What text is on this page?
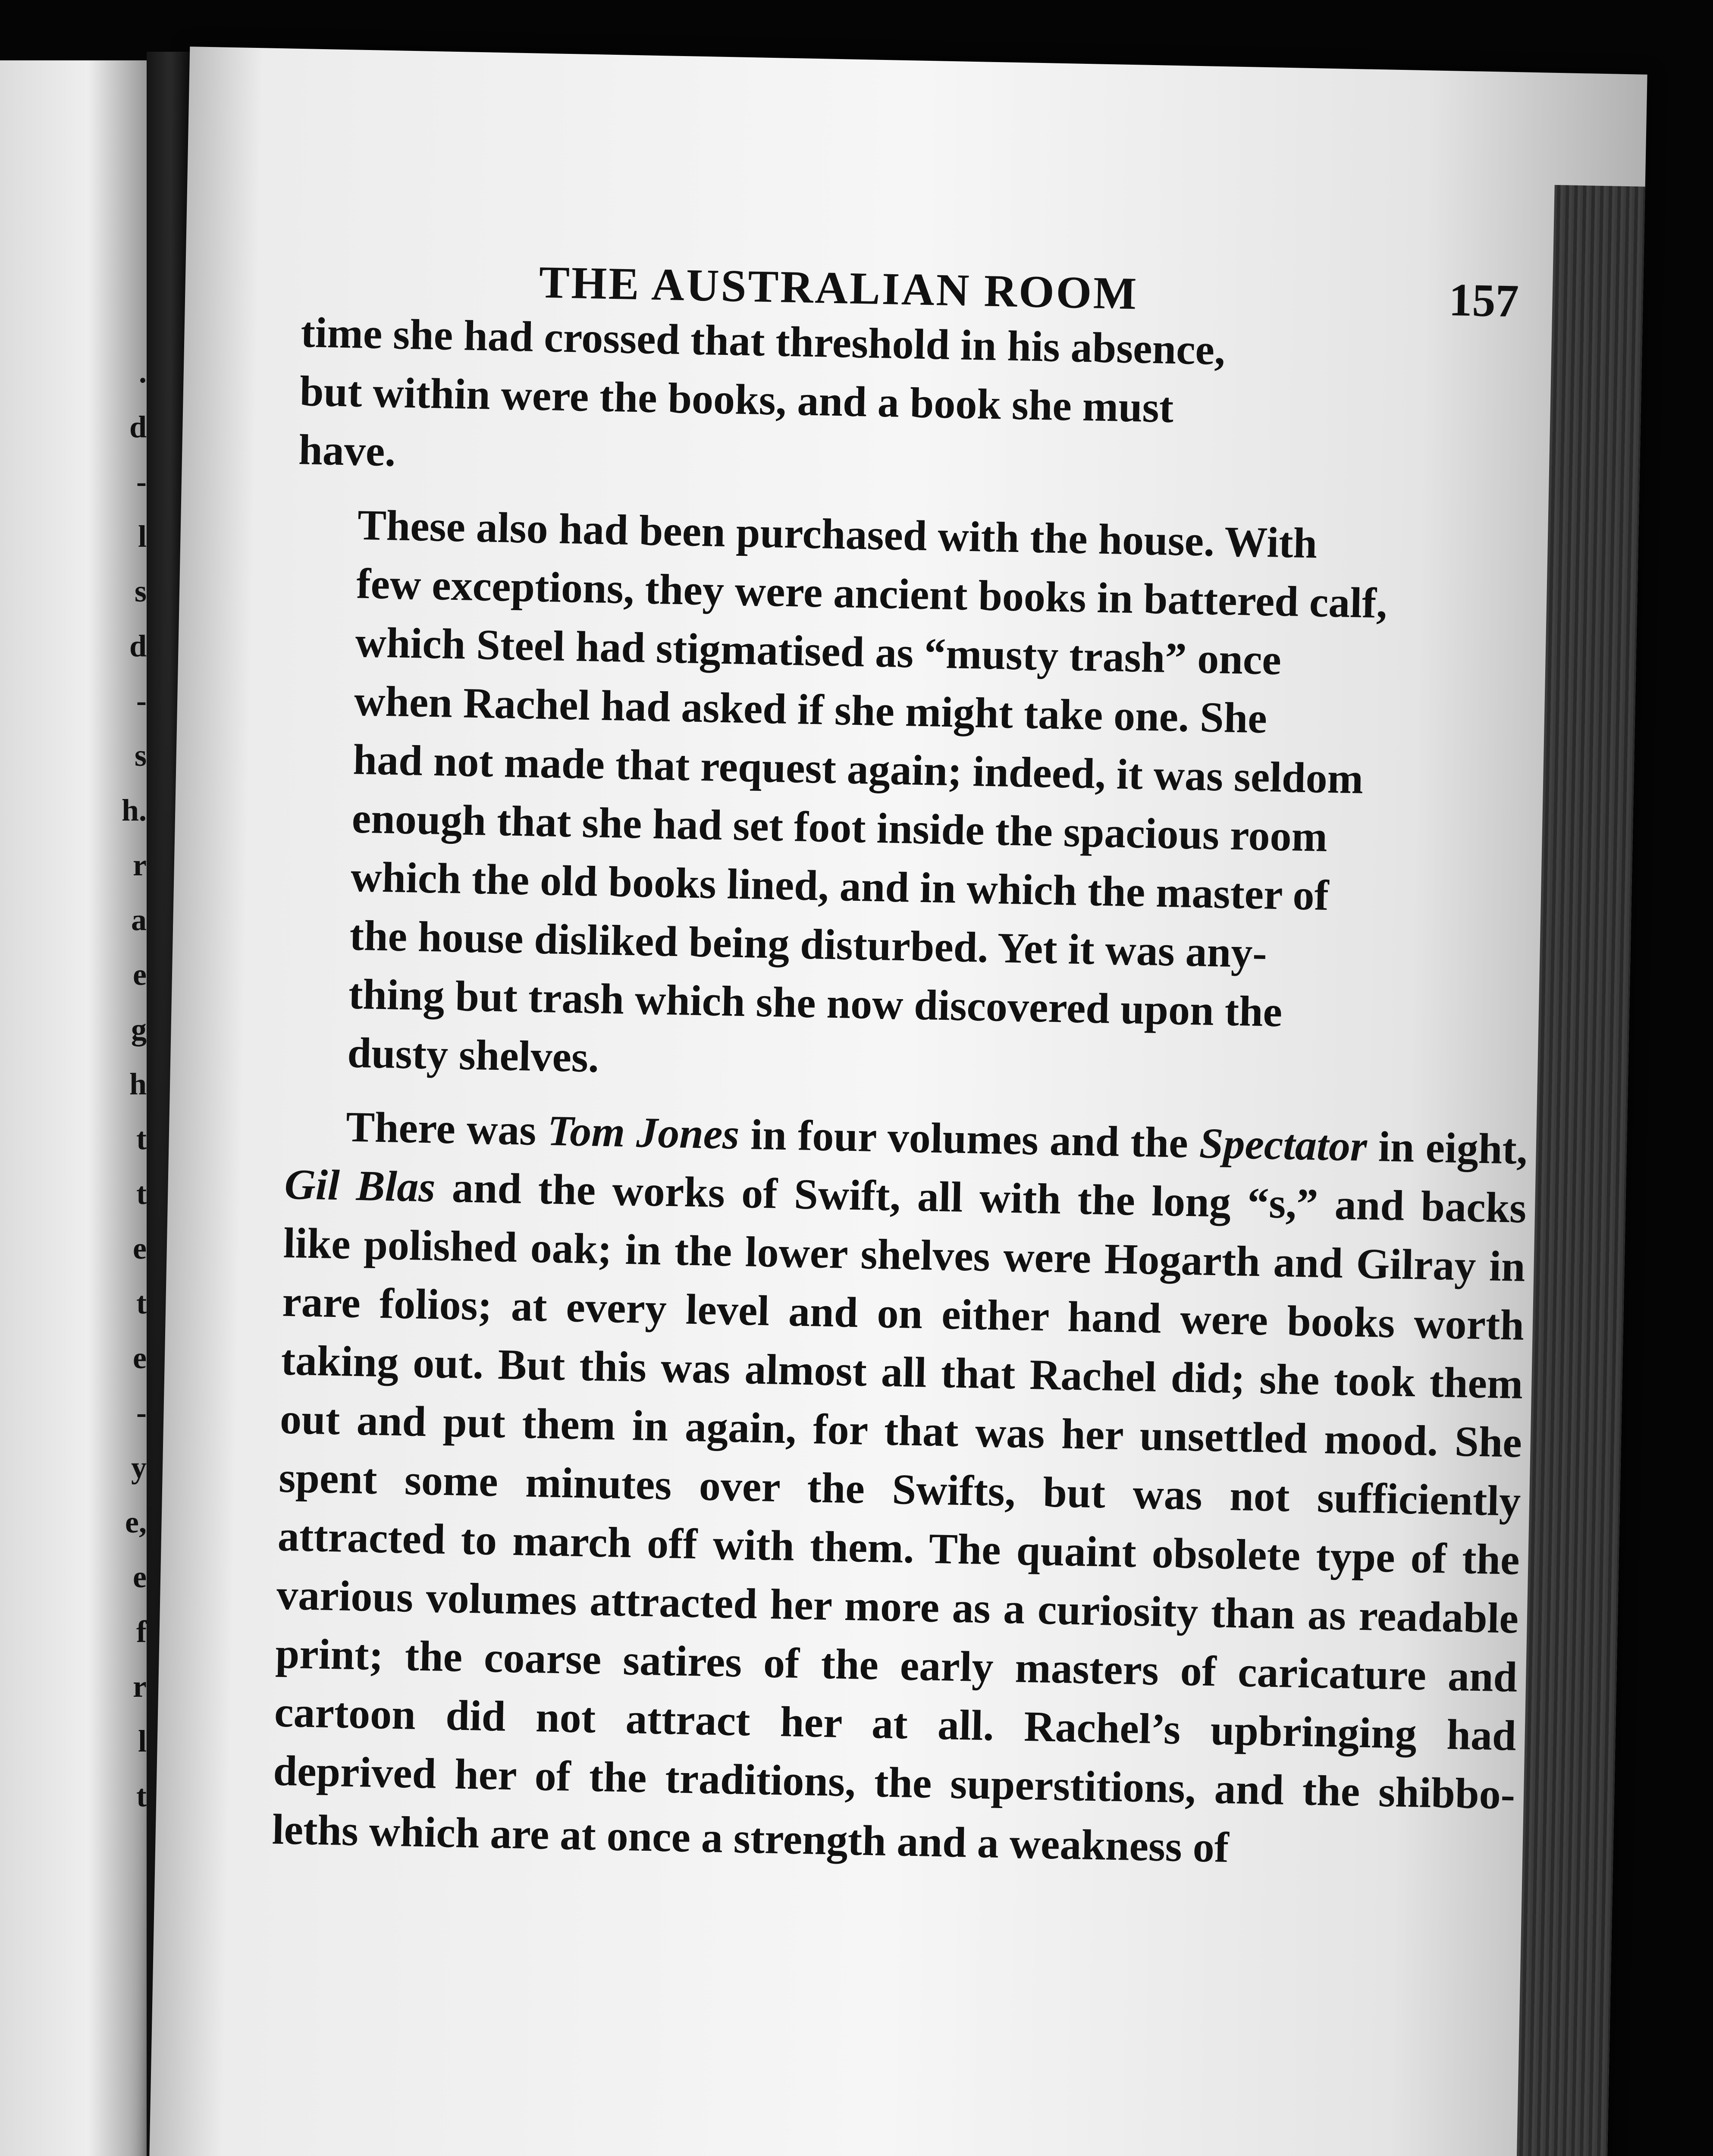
.
d
-
l
s
d
-
s
h.
r
a
e
g
h
t
t
e
t
e
-
y
e,
e
f
r
l
t
THE AUSTRALIAN ROOM	157

time she had crossed that threshold in his absence,
but within were the books, and a book she must
have.

These also had been purchased with the house. With
few exceptions, they were ancient books in battered calf,
which Steel had stigmatised as “musty trash” once
when Rachel had asked if she might take one. She
had not made that request again; indeed, it was seldom
enough that she had set foot inside the spacious room
which the old books lined, and in which the master of
the house disliked being disturbed. Yet it was any-
thing but trash which she now discovered upon the
dusty shelves.

There was Tom Jones in four volumes and the Spectator in eight, Gil Blas and the works of Swift, all with the long “s,” and backs like polished oak; in the lower shelves were Hogarth and Gilray in rare folios; at every level and on either hand were books worth taking out. But this was almost all that Rachel did; she took them out and put them in again, for that was her unsettled mood. She spent some minutes over the Swifts, but was not sufficiently attracted to march off with them. The quaint obsolete type of the various volumes attracted her more as a curiosity than as readable print; the coarse satires of the early masters of caricature and cartoon did not attract her at all. Rachel’s upbringing had deprived her of the traditions, the superstitions, and the shibbo-leths which are at once a strength and a weakness of
